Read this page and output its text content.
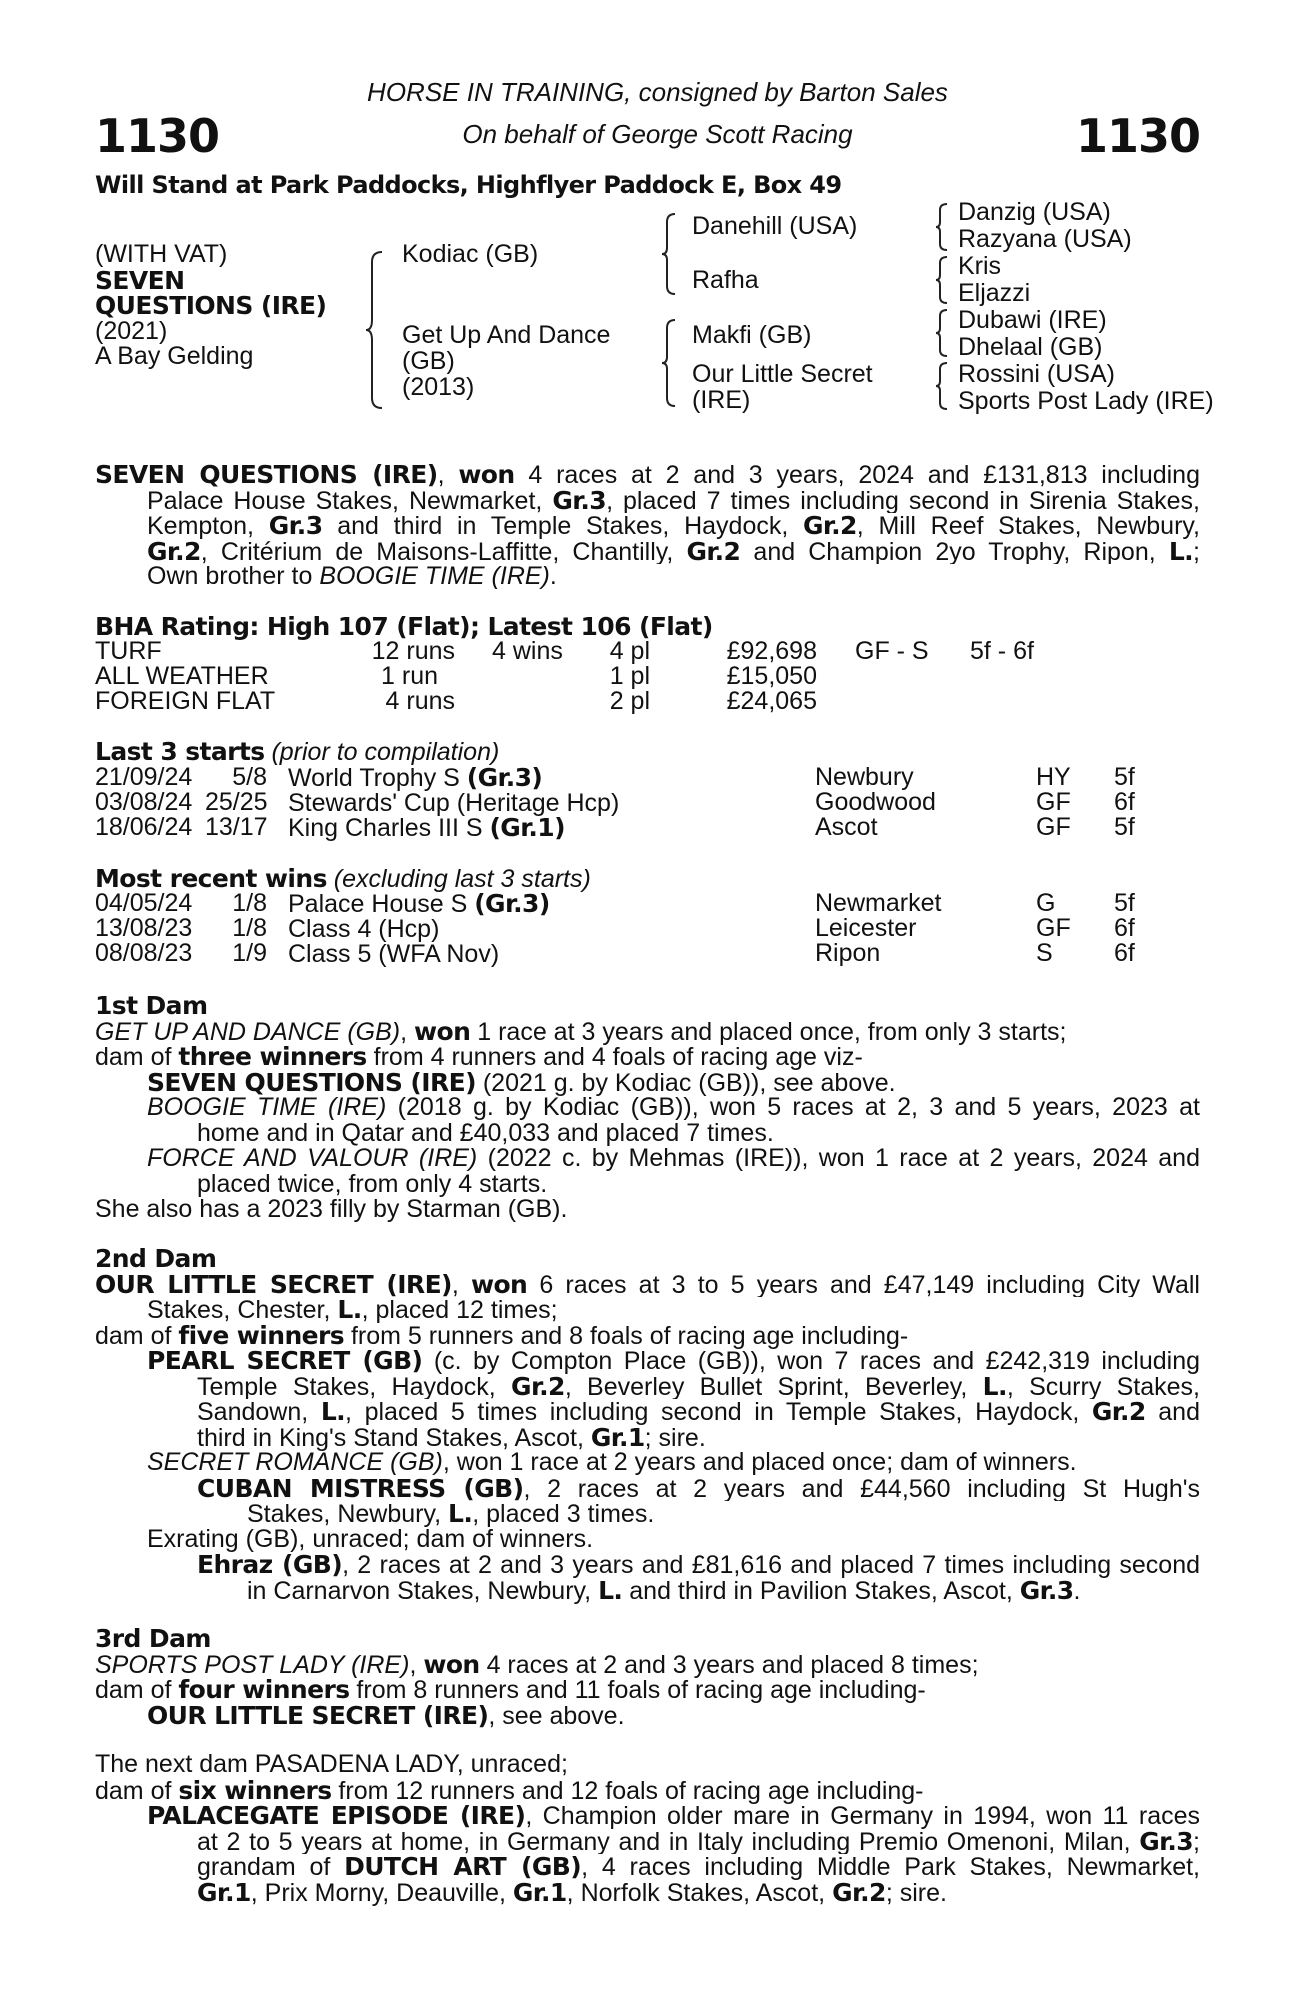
HORSE IN TRAINING, consigned by Barton Sales
On behalf of George Scott Racing
1130	1130
Will Stand at Park Paddocks, Highflyer Paddock E, Box 49
(WITH VAT)
SEVEN
QUESTIONS (IRE)
(2021)
A Bay Gelding
Kodiac (GB)
Get Up And Dance
(GB)
(2013)
Danehill (USA)
Rafha
Makfi (GB)
Our Little Secret
(IRE)
Danzig (USA)
Razyana (USA)
Kris
Eljazzi
Dubawi (IRE)
Dhelaal (GB)
Rossini (USA)
Sports Post Lady (IRE)
SEVEN QUESTIONS (IRE), won 4 races at 2 and 3 years, 2024 and £131,813 including
Palace House Stakes, Newmarket, Gr.3, placed 7 times including second in Sirenia Stakes,
Kempton, Gr.3 and third in Temple Stakes, Haydock, Gr.2, Mill Reef Stakes, Newbury,
Gr.2, Critérium de Maisons-Laffitte, Chantilly, Gr.2 and Champion 2yo Trophy, Ripon, L.;
Own brother to BOOGIE TIME (IRE).
BHA Rating: High 107 (Flat); Latest 106 (Flat)
TURF	12 runs 4 wins	4 pl	£92,698 GF - S 5f - 6f
ALL WEATHER	1 run	1 pl	£15,050
FOREIGN FLAT	4 runs	2 pl	£24,065
Last 3 starts (prior to compilation)
21/09/24	5/8 World Trophy S (Gr.3)	Newbury	HY 5f
03/08/24 25/25 Stewards' Cup (Heritage Hcp)	Goodwood	GF 6f
18/06/24 13/17 King Charles III S (Gr.1)	Ascot	GF 5f
Most recent wins (excluding last 3 starts)
04/05/24	1/8 Palace House S (Gr.3)	Newmarket	G 5f
13/08/23	1/8 Class 4 (Hcp)	Leicester	GF 6f
08/08/23	1/9 Class 5 (WFA Nov)	Ripon	S 6f
1st Dam
GET UP AND DANCE (GB), won 1 race at 3 years and placed once, from only 3 starts;
dam of three winners from 4 runners and 4 foals of racing age viz-
SEVEN QUESTIONS (IRE) (2021 g. by Kodiac (GB)), see above.
BOOGIE TIME (IRE) (2018 g. by Kodiac (GB)), won 5 races at 2, 3 and 5 years, 2023 at
home and in Qatar and £40,033 and placed 7 times.
FORCE AND VALOUR (IRE) (2022 c. by Mehmas (IRE)), won 1 race at 2 years, 2024 and
placed twice, from only 4 starts.
She also has a 2023 filly by Starman (GB).
2nd Dam
OUR LITTLE SECRET (IRE), won 6 races at 3 to 5 years and £47,149 including City Wall
Stakes, Chester, L., placed 12 times;
dam of five winners from 5 runners and 8 foals of racing age including-
PEARL SECRET (GB) (c. by Compton Place (GB)), won 7 races and £242,319 including
Temple Stakes, Haydock, Gr.2, Beverley Bullet Sprint, Beverley, L., Scurry Stakes,
Sandown, L., placed 5 times including second in Temple Stakes, Haydock, Gr.2 and
third in King's Stand Stakes, Ascot, Gr.1; sire.
SECRET ROMANCE (GB), won 1 race at 2 years and placed once; dam of winners.
CUBAN MISTRESS (GB), 2 races at 2 years and £44,560 including St Hugh's
Stakes, Newbury, L., placed 3 times.
Exrating (GB), unraced; dam of winners.
Ehraz (GB), 2 races at 2 and 3 years and £81,616 and placed 7 times including second
in Carnarvon Stakes, Newbury, L. and third in Pavilion Stakes, Ascot, Gr.3.
3rd Dam
SPORTS POST LADY (IRE), won 4 races at 2 and 3 years and placed 8 times;
dam of four winners from 8 runners and 11 foals of racing age including-
OUR LITTLE SECRET (IRE), see above.
The next dam PASADENA LADY, unraced;
dam of six winners from 12 runners and 12 foals of racing age including-
PALACEGATE EPISODE (IRE), Champion older mare in Germany in 1994, won 11 races
at 2 to 5 years at home, in Germany and in Italy including Premio Omenoni, Milan, Gr.3;
grandam of DUTCH ART (GB), 4 races including Middle Park Stakes, Newmarket,
Gr.1, Prix Morny, Deauville, Gr.1, Norfolk Stakes, Ascot, Gr.2; sire.
